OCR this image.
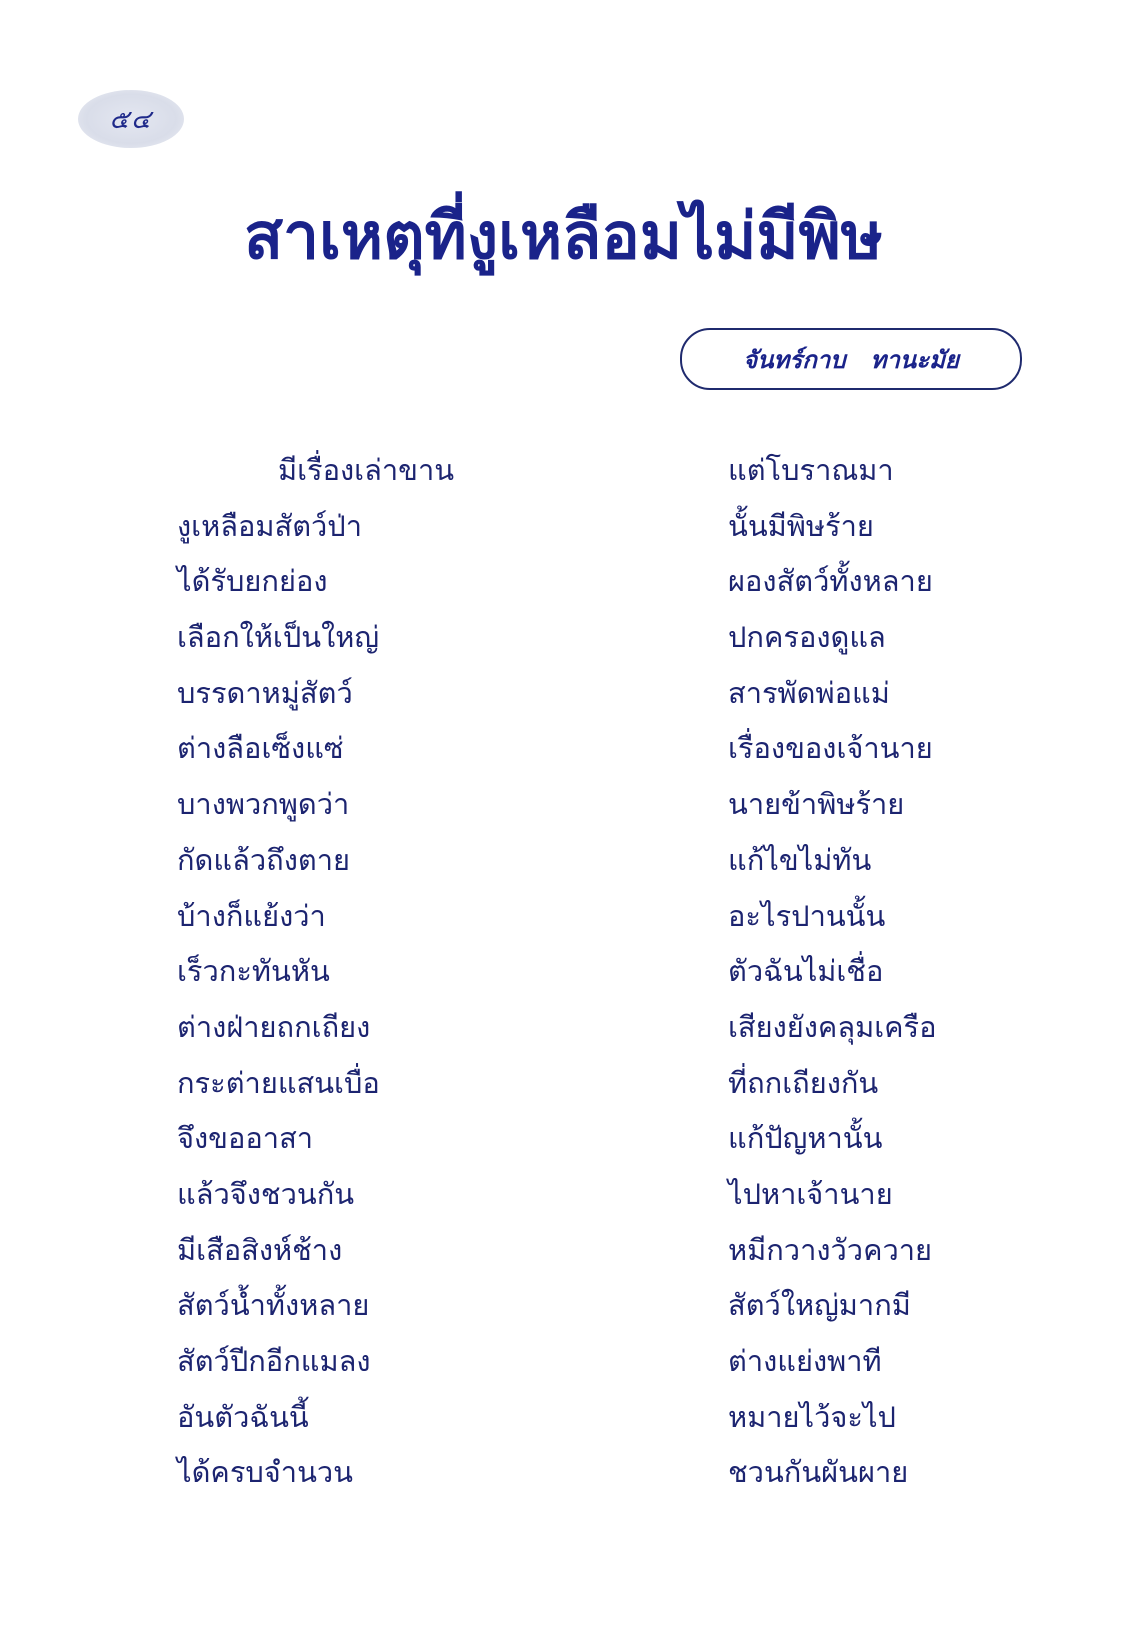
๕๔
สาเหตุที่งูเหลือมไม่มีพิษ
จันทร์กาบ   ทานะมัย
มีเรื่องเล่าขาน	แต่โบราณมา
งูเหลือมสัตว์ป่า	นั้นมีพิษร้าย
ได้รับยกย่อง	ผองสัตว์ทั้งหลาย
เลือกให้เป็นใหญ่	ปกครองดูแล
บรรดาหมู่สัตว์	สารพัดพ่อแม่
ต่างลือเซ็งแซ่	เรื่องของเจ้านาย
บางพวกพูดว่า	นายข้าพิษร้าย
กัดแล้วถึงตาย	แก้ไขไม่ทัน
บ้างก็แย้งว่า	อะไรปานนั้น
เร็วกะทันหัน	ตัวฉันไม่เชื่อ
ต่างฝ่ายถกเถียง	เสียงยังคลุมเครือ
กระต่ายแสนเบื่อ	ที่ถกเถียงกัน
จึงขออาสา	แก้ปัญหานั้น
แล้วจึงชวนกัน	ไปหาเจ้านาย
มีเสือสิงห์ช้าง	หมีกวางวัวควาย
สัตว์น้ำทั้งหลาย	สัตว์ใหญ่มากมี
สัตว์ปีกอีกแมลง	ต่างแย่งพาที
อันตัวฉันนี้	หมายไว้จะไป
ได้ครบจำนวน	ชวนกันผันผาย
